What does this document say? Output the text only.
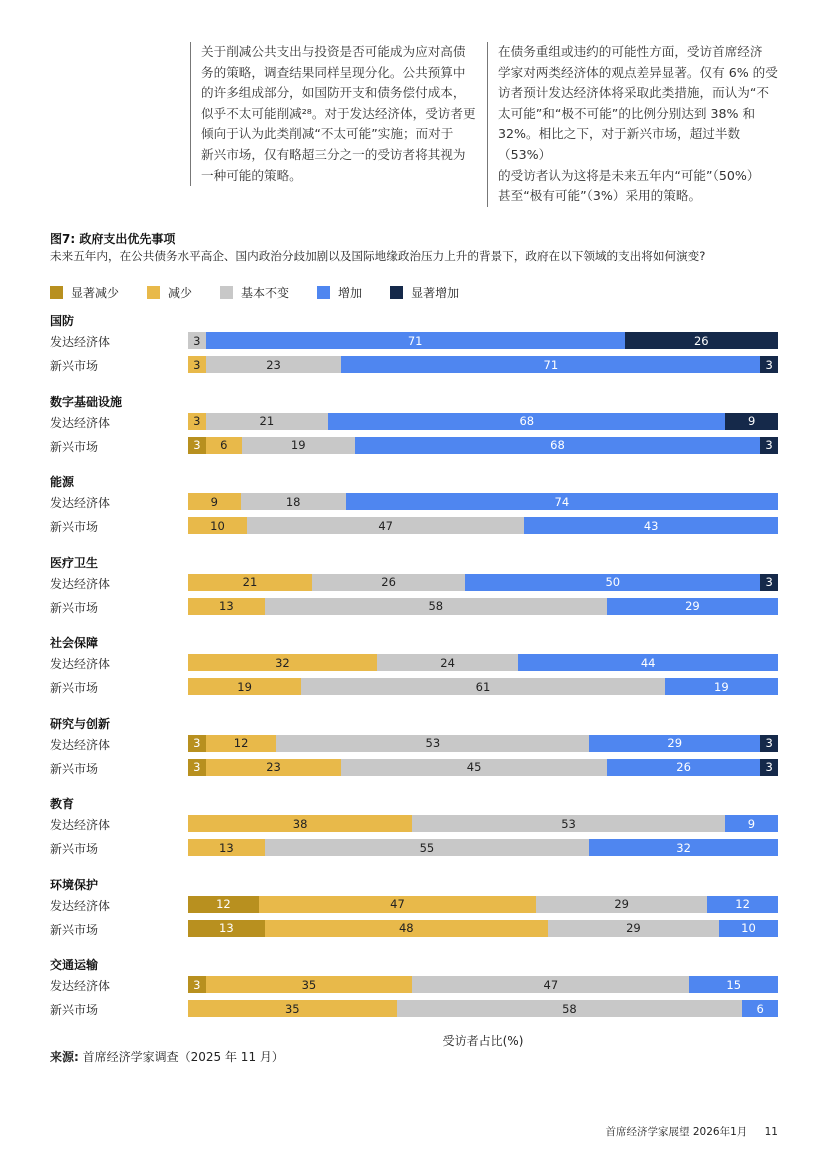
关于削减公共支出与投资是否可能成为应对高债
务的策略，调查结果同样呈现分化。公共预算中
的许多组成部分，如国防开支和债务偿付成本，
似乎不太可能削减²⁸。对于发达经济体，受访者更
倾向于认为此类削减“不太可能”实施；而对于
新兴市场，仅有略超三分之一的受访者将其视为
一种可能的策略。
在债务重组或违约的可能性方面，受访首席经济
学家对两类经济体的观点差异显著。仅有 6% 的受
访者预计发达经济体将采取此类措施，而认为“不
太可能”和“极不可能”的比例分别达到 38% 和
32%。相比之下，对于新兴市场，超过半数（53%）
的受访者认为这将是未来五年内“可能”（50%）
甚至“极有可能”（3%）采用的策略。
图7: 政府支出优先事项
未来五年内，在公共债务水平高企、国内政治分歧加剧以及国际地缘政治压力上升的背景下，政府在以下领域的支出将如何演变?
显著减少	减少	基本不变	增加	显著增加
国防
发达经济体	3	71	26
新兴市场	3	23	71	3
数字基础设施
发达经济体	3	21	68	9
新兴市场	3	6	19	68	3
能源
发达经济体	9	18	74
新兴市场	10	47	43
医疗卫生
发达经济体	21	26	50	3
新兴市场	13	58	29
社会保障
发达经济体	32	24	44
新兴市场	19	61	19
研究与创新
发达经济体	3	12	53	29	3
新兴市场	3	23	45	26	3
教育
发达经济体	38	53	9
新兴市场	13	55	32
环境保护
发达经济体	12	47	29	12
新兴市场	13	48	29	10
交通运输
发达经济体	3	35	47	15
新兴市场	35	58	6
受访者占比(%)
来源: 首席经济学家调查（2025 年 11 月）
首席经济学家展望 2026年1月 11
